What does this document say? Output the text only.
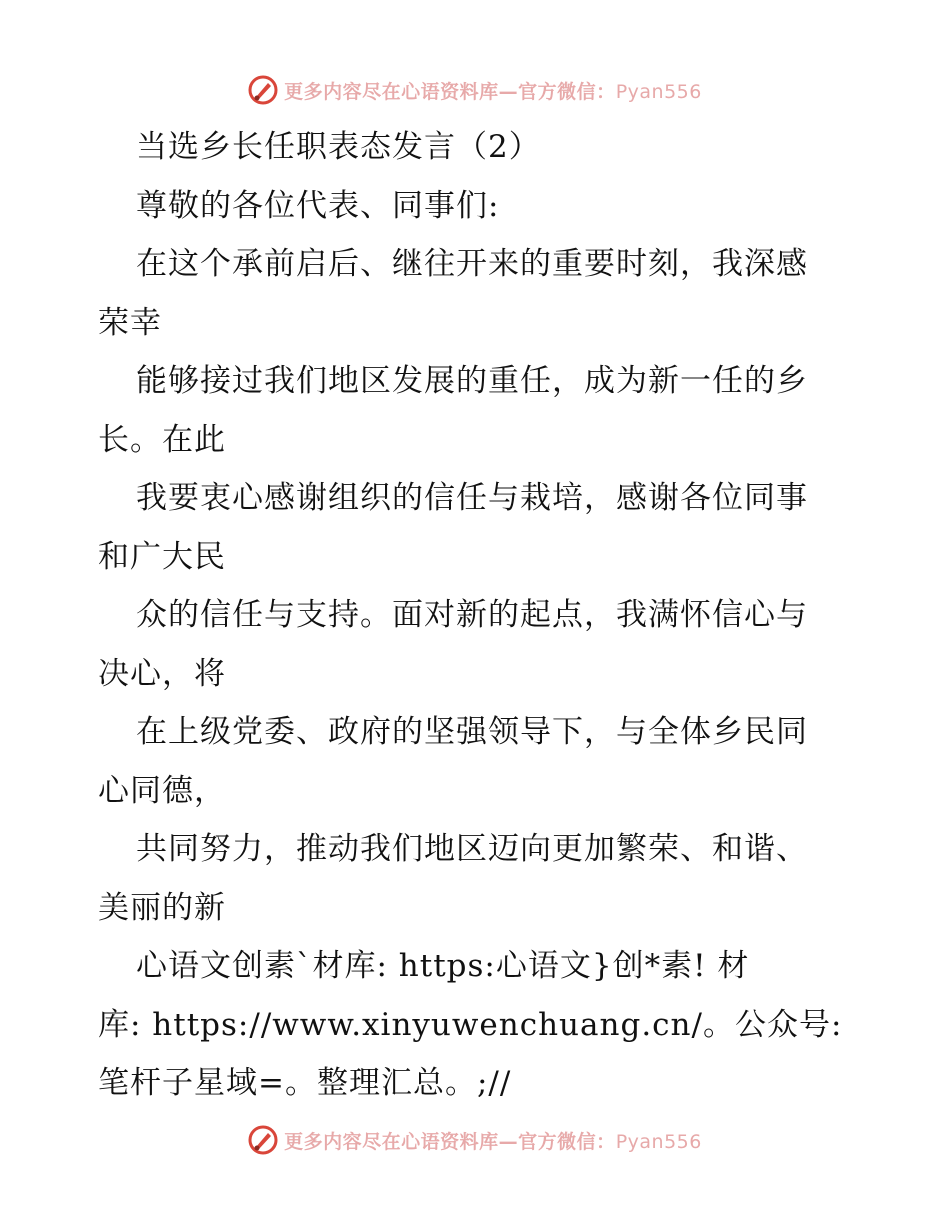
更多内容尽在心语资料库—官方微信：Pyan556
当选乡长任职表态发言（2）
尊敬的各位代表、同事们:
在这个承前启后、继往开来的重要时刻，我深感
荣幸
能够接过我们地区发展的重任，成为新一任的乡
长。在此
我要衷心感谢组织的信任与栽培，感谢各位同事
和广大民
众的信任与支持。面对新的起点，我满怀信心与
决心，将
在上级党委、政府的坚强领导下，与全体乡民同
心同德，
共同努力，推动我们地区迈向更加繁荣、和谐、
美丽的新
心语文创素`材库: https:心语文}创*素! 材
库: https://www.xinyuwenchuang.cn/。公众号:
笔杆子星域=。整理汇总。;//
更多内容尽在心语资料库—官方微信：Pyan556
